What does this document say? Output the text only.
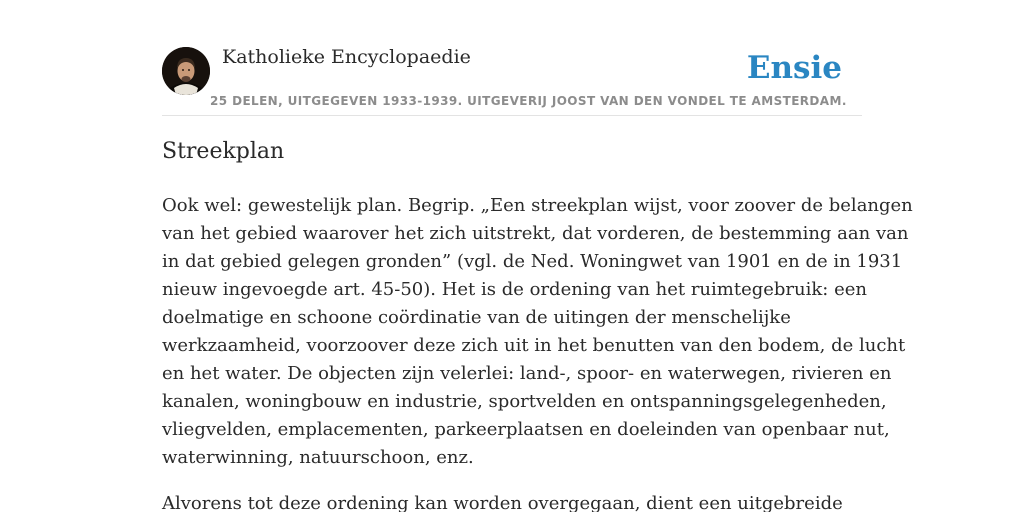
Katholieke Encyclopaedie
25 DELEN, UITGEGEVEN 1933-1939. UITGEVERIJ JOOST VAN DEN VONDEL TE AMSTERDAM.
Ensie
Streekplan

Ook wel: gewestelijk plan. Begrip. „Een streekplan wijst, voor zoover de belangen
van het gebied waarover het zich uitstrekt, dat vorderen, de bestemming aan van
in dat gebied gelegen gronden” (vgl. de Ned. Woningwet van 1901 en de in 1931
nieuw ingevoegde art. 45-50). Het is de ordening van het ruimtegebruik: een
doelmatige en schoone coördinatie van de uitingen der menschelijke
werkzaamheid, voorzoover deze zich uit in het benutten van den bodem, de lucht
en het water. De objecten zijn velerlei: land-, spoor- en waterwegen, rivieren en
kanalen, woningbouw en industrie, sportvelden en ontspanningsgelegenheden,
vliegvelden, emplacementen, parkeerplaatsen en doeleinden van openbaar nut,
waterwinning, natuurschoon, enz.

Alvorens tot deze ordening kan worden overgegaan, dient een uitgebreide
